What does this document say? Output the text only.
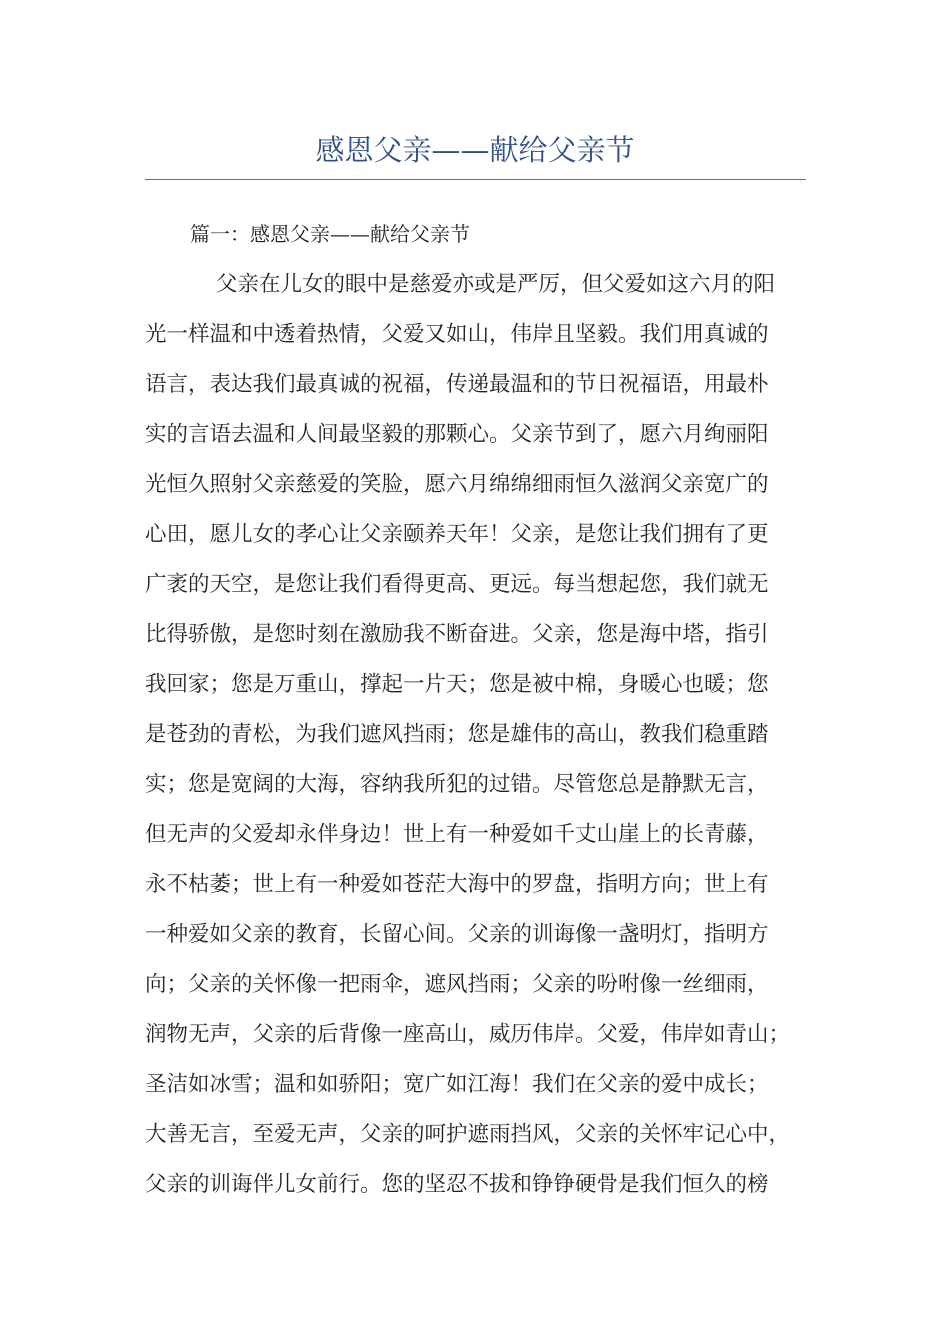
感恩父亲——献给父亲节
篇一：感恩父亲——献给父亲节
父亲在儿女的眼中是慈爱亦或是严厉，但父爱如这六月的阳
光一样温和中透着热情，父爱又如山，伟岸且坚毅。我们用真诚的
语言，表达我们最真诚的祝福，传递最温和的节日祝福语，用最朴
实的言语去温和人间最坚毅的那颗心。父亲节到了，愿六月绚丽阳
光恒久照射父亲慈爱的笑脸，愿六月绵绵细雨恒久滋润父亲宽广的
心田，愿儿女的孝心让父亲颐养天年！父亲，是您让我们拥有了更
广袤的天空，是您让我们看得更高、更远。每当想起您，我们就无
比得骄傲，是您时刻在激励我不断奋进。父亲，您是海中塔，指引
我回家；您是万重山，撑起一片天；您是被中棉，身暖心也暖；您
是苍劲的青松，为我们遮风挡雨；您是雄伟的高山，教我们稳重踏
实；您是宽阔的大海，容纳我所犯的过错。尽管您总是静默无言，
但无声的父爱却永伴身边！世上有一种爱如千丈山崖上的长青藤，
永不枯萎；世上有一种爱如苍茫大海中的罗盘，指明方向；世上有
一种爱如父亲的教育，长留心间。父亲的训诲像一盏明灯，指明方
向；父亲的关怀像一把雨伞，遮风挡雨；父亲的吩咐像一丝细雨，
润物无声，父亲的后背像一座高山，威历伟岸。父爱，伟岸如青山；
圣洁如冰雪；温和如骄阳；宽广如江海！我们在父亲的爱中成长；
大善无言，至爱无声，父亲的呵护遮雨挡风，父亲的关怀牢记心中，
父亲的训诲伴儿女前行。您的坚忍不拔和铮铮硬骨是我们恒久的榜
